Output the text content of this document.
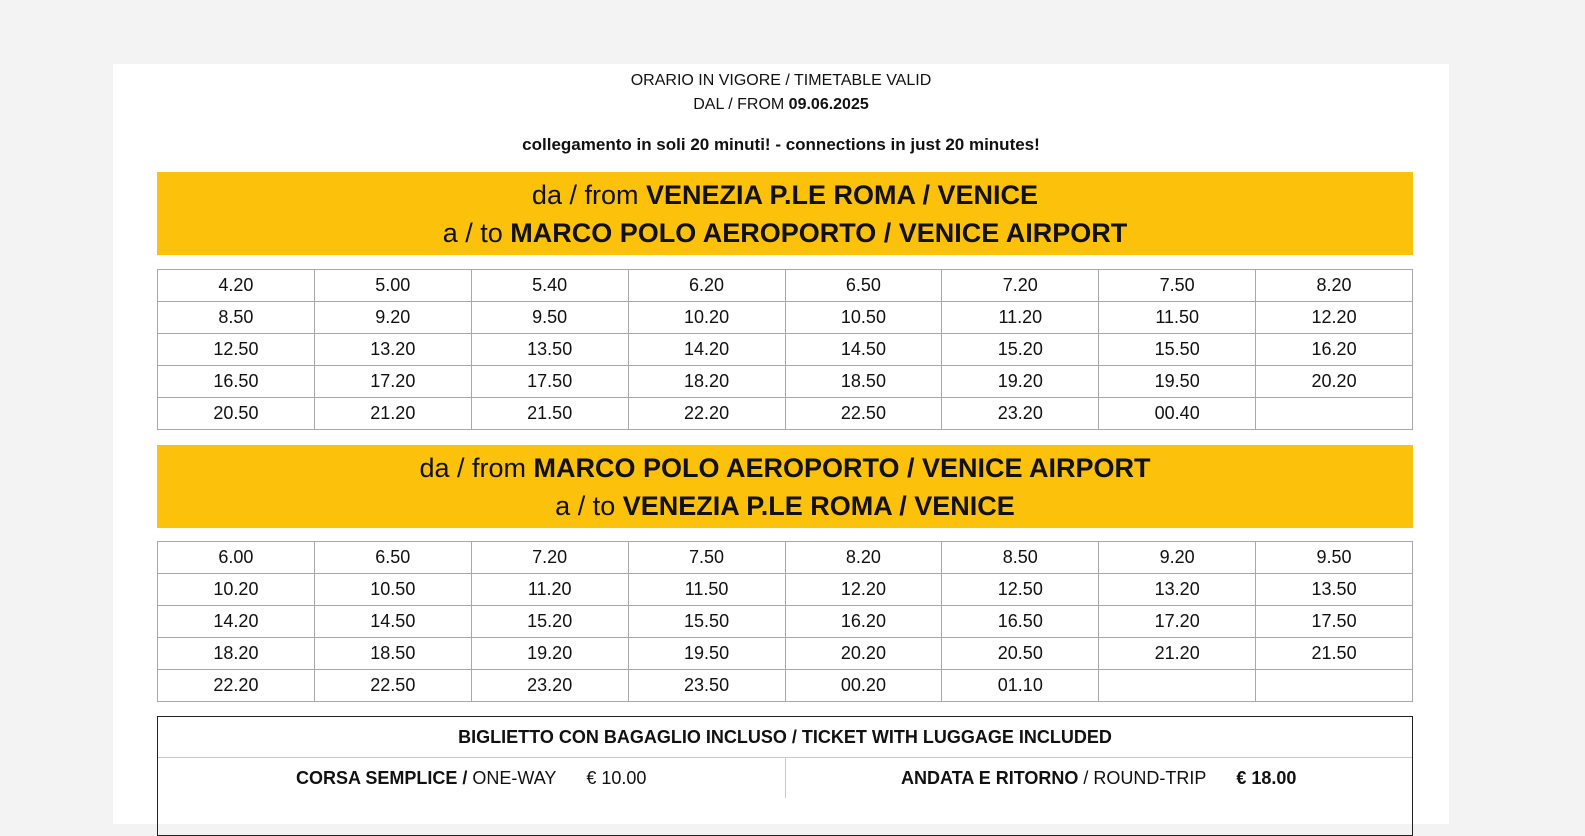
ORARIO IN VIGORE / TIMETABLE VALID
DAL / FROM 09.06.2025
collegamento in soli 20 minuti! - connections in just 20 minutes!
da / from VENEZIA P.LE ROMA / VENICE
a / to MARCO POLO AEROPORTO / VENICE AIRPORT
4.20	5.00	5.40	6.20	6.50	7.20	7.50	8.20
8.50	9.20	9.50	10.20	10.50	11.20	11.50	12.20
12.50	13.20	13.50	14.20	14.50	15.20	15.50	16.20
16.50	17.20	17.50	18.20	18.50	19.20	19.50	20.20
20.50	21.20	21.50	22.20	22.50	23.20	00.40	
da / from MARCO POLO AEROPORTO / VENICE AIRPORT
a / to VENEZIA P.LE ROMA / VENICE
6.00	6.50	7.20	7.50	8.20	8.50	9.20	9.50
10.20	10.50	11.20	11.50	12.20	12.50	13.20	13.50
14.20	14.50	15.20	15.50	16.20	16.50	17.20	17.50
18.20	18.50	19.20	19.50	20.20	20.50	21.20	21.50
22.20	22.50	23.20	23.50	00.20	01.10		
BIGLIETTO CON BAGAGLIO INCLUSO / TICKET WITH LUGGAGE INCLUDED
CORSA SEMPLICE / ONE-WAY € 10.00	ANDATA E RITORNO / ROUND-TRIP € 18.00
